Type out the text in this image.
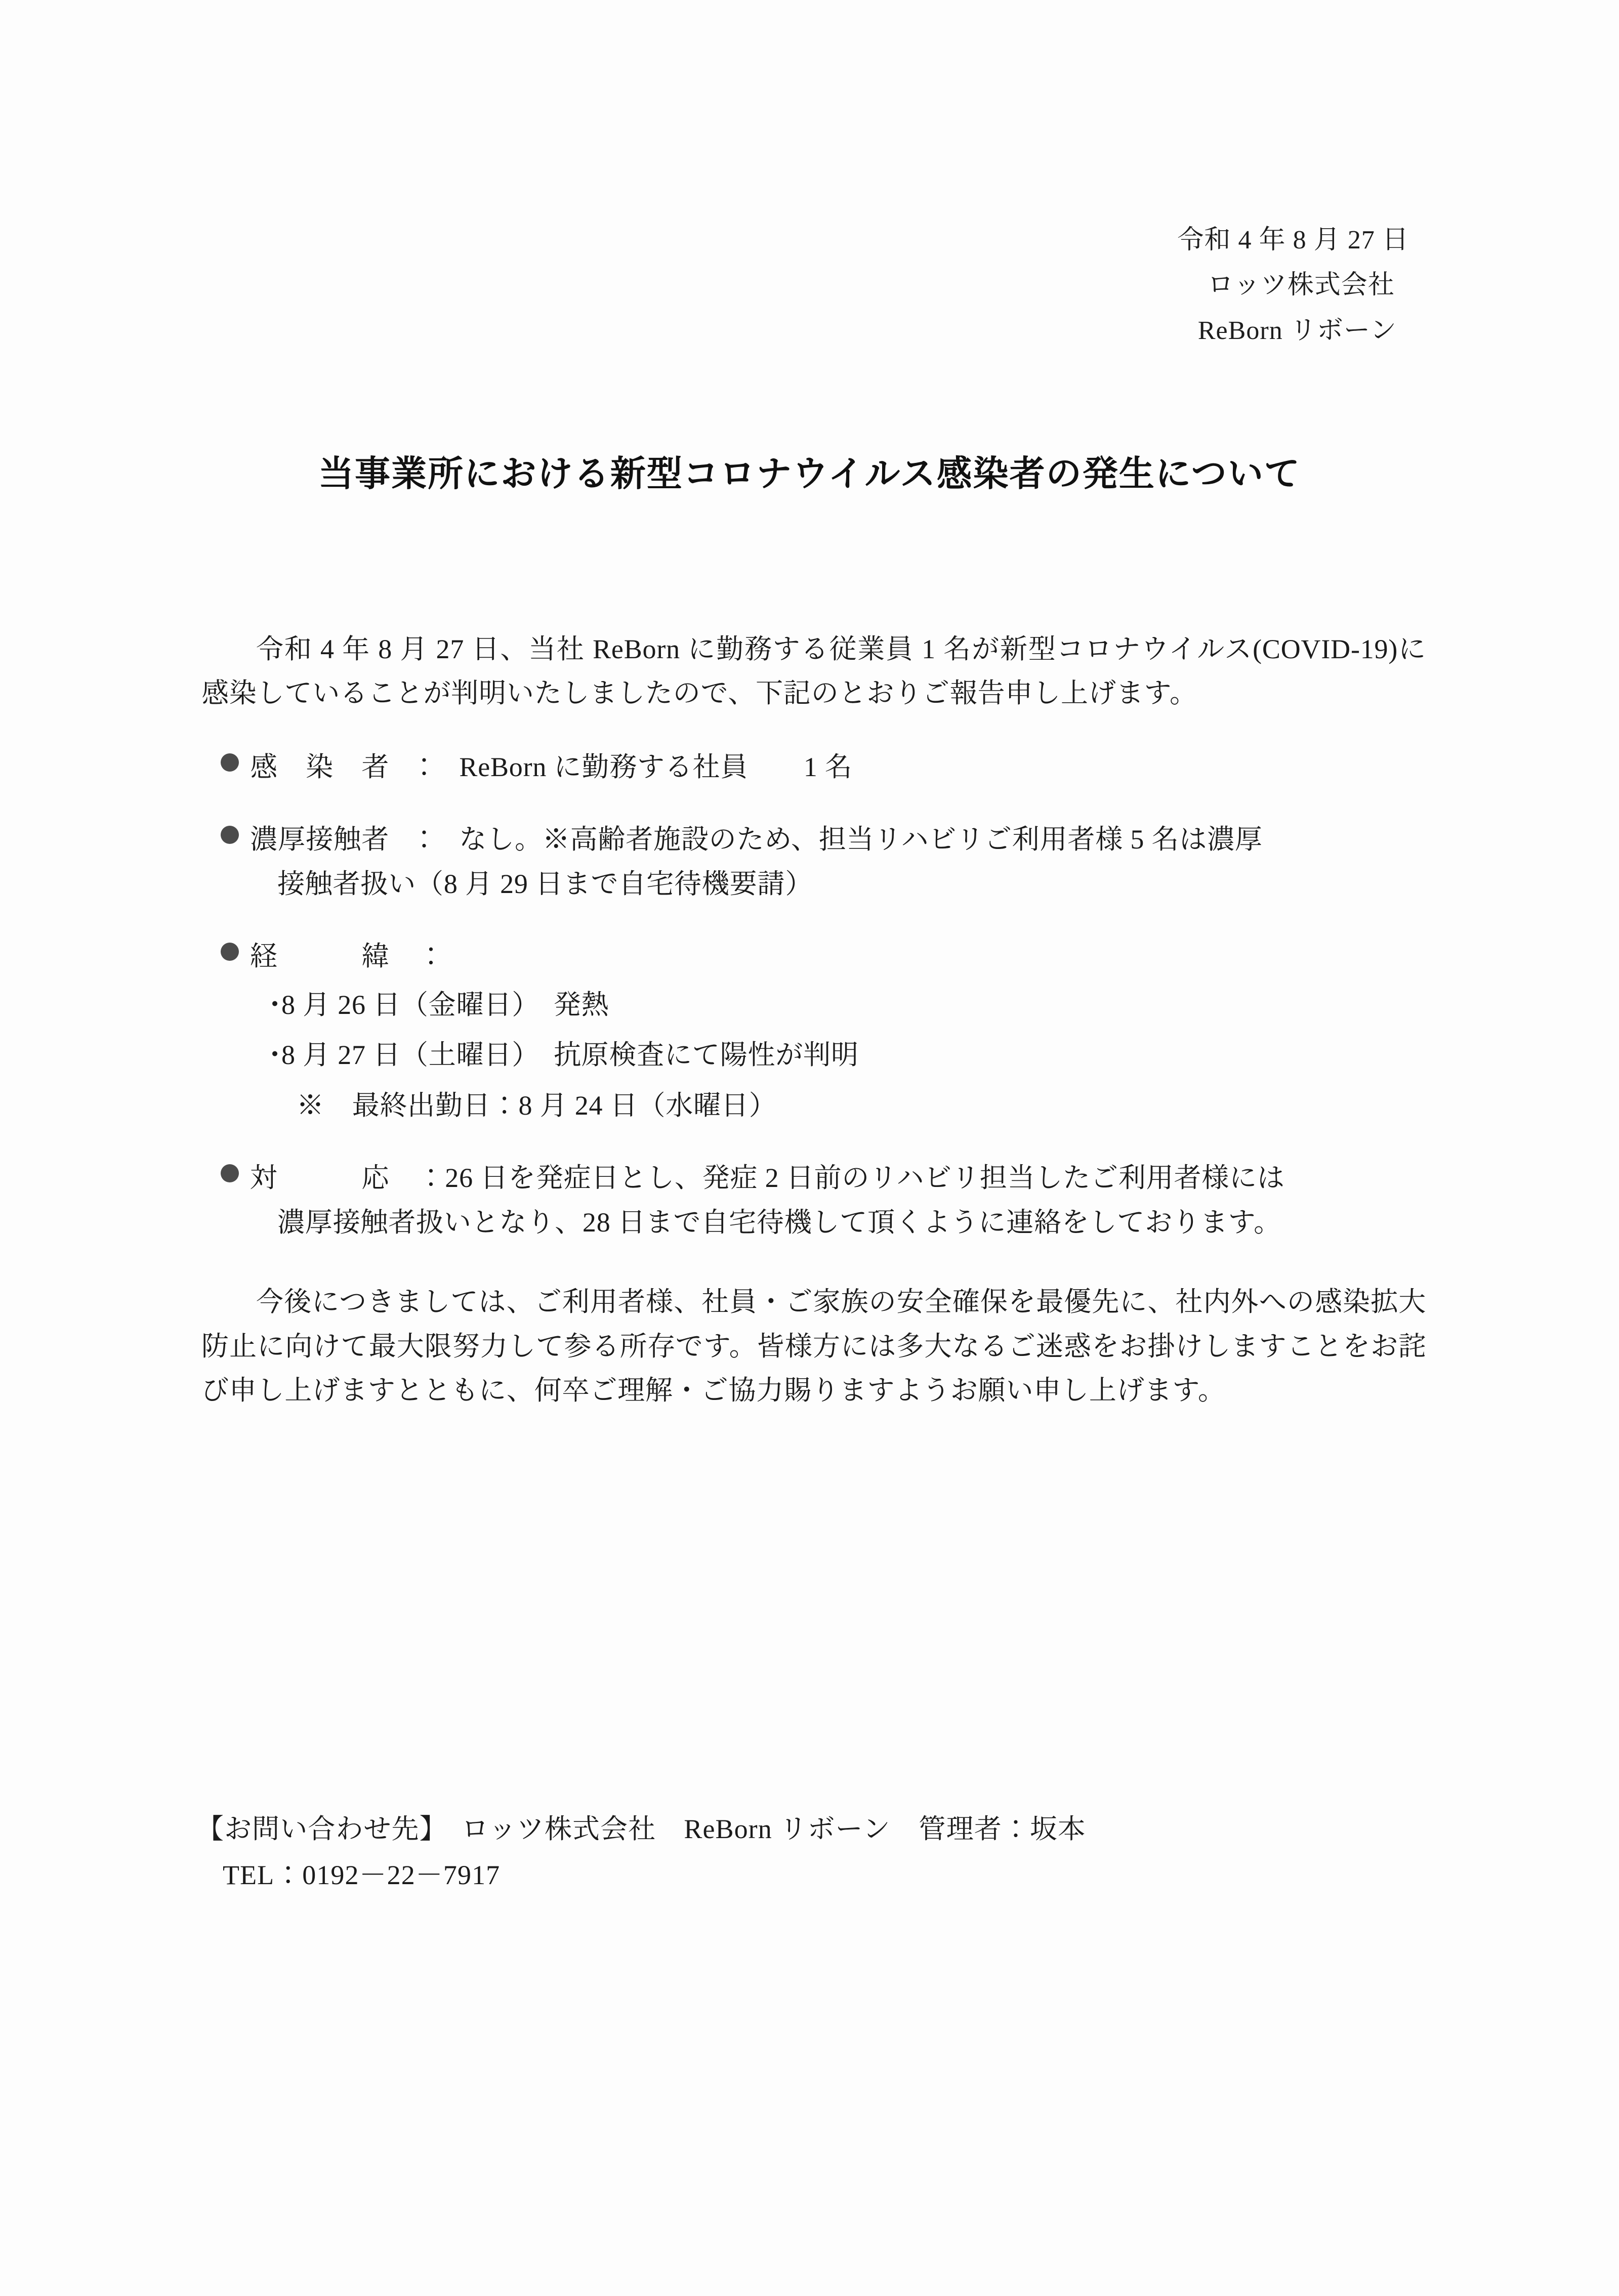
令和 4 年 8 月 27 日
ロッツ株式会社
ReBorn リボーン
当事業所における新型コロナウイルス感染者の発生について

令和 4 年 8 月 27 日、当社 ReBorn に勤務する従業員 1 名が新型コロナウイルス(COVID-19)に感染していることが判明いたしましたので、下記のとおりご報告申し上げます。

感　染　者　：　ReBorn に勤務する社員　　1 名
濃厚接触者　：　なし。※高齢者施設のため、担当リハビリご利用者様 5 名は濃厚
接触者扱い（8 月 29 日まで自宅待機要請）
経　　　緯　：
・
8 月 26 日（金曜日）　発熱
・
8 月 27 日（土曜日）　抗原検査にて陽性が判明
※　最終出勤日：8 月 24 日（水曜日）
対　　　応　：26 日を発症日とし、発症 2 日前のリハビリ担当したご利用者様には
濃厚接触者扱いとなり、28 日まで自宅待機して頂くように連絡をしております。

今後につきましては、ご利用者様、社員・ご家族の安全確保を最優先に、社内外への感染拡大防止に向けて最大限努力して参る所存です。皆様方には多大なるご迷惑をお掛けしますことをお詫び申し上げますとともに、何卒ご理解・ご協力賜りますようお願い申し上げます。

【お問い合わせ先】　ロッツ株式会社　ReBorn リボーン　管理者：坂本
TEL：0192－22－7917
